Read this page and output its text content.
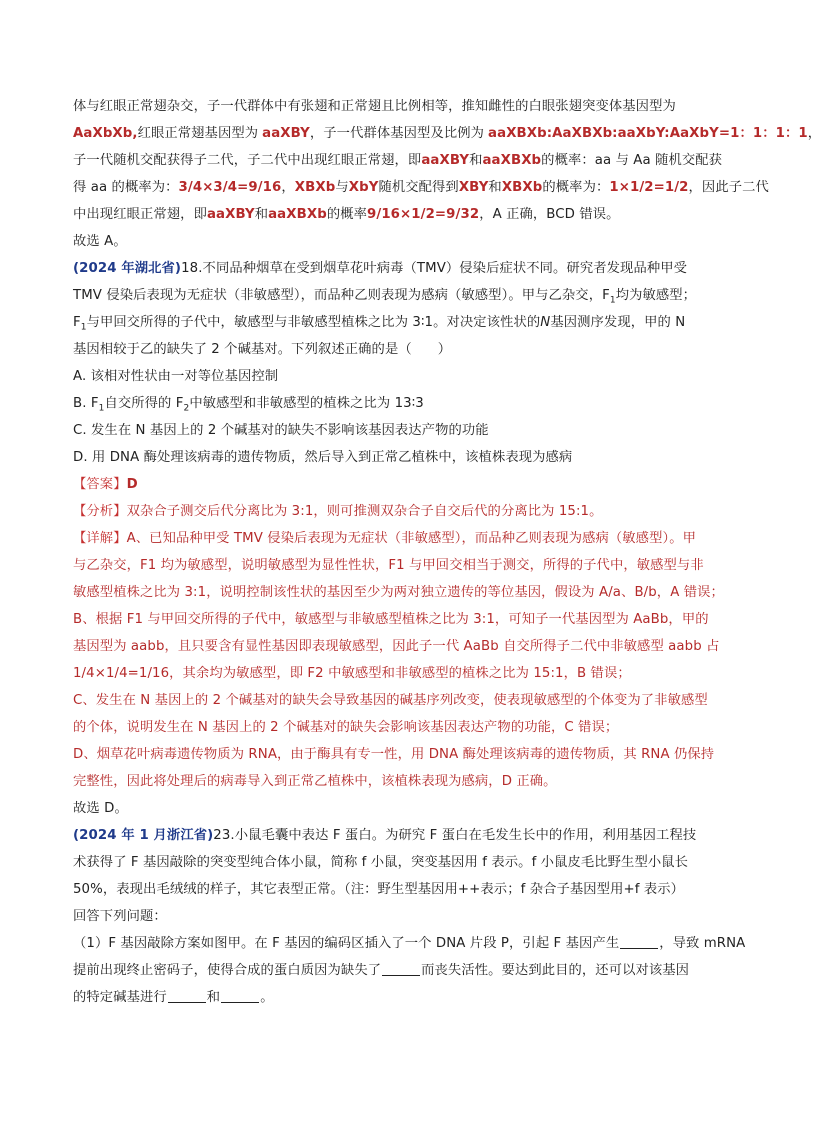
体与红眼正常翅杂交，子一代群体中有张翅和正常翅且比例相等，推知雌性的白眼张翅突变体基因型为

AaXbXb,红眼正常翅基因型为 aaXBY，子一代群体基因型及比例为 aaXBXb:AaXBXb:aaXbY:AaXbY=1：1：1：1，

子一代随机交配获得子二代，子二代中出现红眼正常翅，即aaXBY和aaXBXb的概率：aa 与 Aa 随机交配获

得 aa 的概率为：3/4×3/4=9/16，XBXb与XbY随机交配得到XBY和XBXb的概率为：1×1/2=1/2，因此子二代

中出现红眼正常翅，即aaXBY和aaXBXb的概率9/16×1/2=9/32，A 正确，BCD 错误。

故选 A。

(2024 年湖北省)18.不同品种烟草在受到烟草花叶病毒（TMV）侵染后症状不同。研究者发现品种甲受

TMV 侵染后表现为无症状（非敏感型），而品种乙则表现为感病（敏感型）。甲与乙杂交，$F_1$均为敏感型；

$F_1$与甲回交所得的子代中，敏感型与非敏感型植株之比为 3∶1。对决定该性状的N基因测序发现，甲的 N

基因相较于乙的缺失了 2 个碱基对。下列叙述正确的是（ ）

A. 该相对性状由一对等位基因控制

B. $F_1$自交所得的 $F_2$中敏感型和非敏感型的植株之比为 13∶3

C. 发生在 N 基因上的 2 个碱基对的缺失不影响该基因表达产物的功能

D. 用 DNA 酶处理该病毒的遗传物质，然后导入到正常乙植株中，该植株表现为感病

【答案】D

【分析】双杂合子测交后代分离比为 3:1，则可推测双杂合子自交后代的分离比为 15:1。

【详解】A、已知品种甲受 TMV 侵染后表现为无症状（非敏感型），而品种乙则表现为感病（敏感型）。甲

与乙杂交，F1 均为敏感型，说明敏感型为显性性状，F1 与甲回交相当于测交，所得的子代中，敏感型与非

敏感型植株之比为 3:1，说明控制该性状的基因至少为两对独立遗传的等位基因，假设为 A/a、B/b，A 错误；

B、根据 F1 与甲回交所得的子代中，敏感型与非敏感型植株之比为 3:1，可知子一代基因型为 AaBb，甲的

基因型为 aabb，且只要含有显性基因即表现敏感型，因此子一代 AaBb 自交所得子二代中非敏感型 aabb 占

1/4×1/4=1/16，其余均为敏感型，即 F2 中敏感型和非敏感型的植株之比为 15:1，B 错误；

C、发生在 N 基因上的 2 个碱基对的缺失会导致基因的碱基序列改变，使表现敏感型的个体变为了非敏感型

的个体，说明发生在 N 基因上的 2 个碱基对的缺失会影响该基因表达产物的功能，C 错误；

D、烟草花叶病毒遗传物质为 RNA，由于酶具有专一性，用 DNA 酶处理该病毒的遗传物质，其 RNA 仍保持

完整性，因此将处理后的病毒导入到正常乙植株中，该植株表现为感病，D 正确。

故选 D。

(2024 年 1 月浙江省)23.小鼠毛囊中表达 F 蛋白。为研究 F 蛋白在毛发生长中的作用，利用基因工程技

术获得了 F 基因敲除的突变型纯合体小鼠，简称 f 小鼠，突变基因用 f 表示。f 小鼠皮毛比野生型小鼠长

50%，表现出毛绒绒的样子，其它表型正常。（注：野生型基因用++表示；f 杂合子基因型用+f 表示）

回答下列问题：

（1）F 基因敲除方案如图甲。在 F 基因的编码区插入了一个 DNA 片段 P，引起 F 基因产生	，导致 mRNA

提前出现终止密码子，使得合成的蛋白质因为缺失了	而丧失活性。要达到此目的，还可以对该基因

的特定碱基进行	和	。
